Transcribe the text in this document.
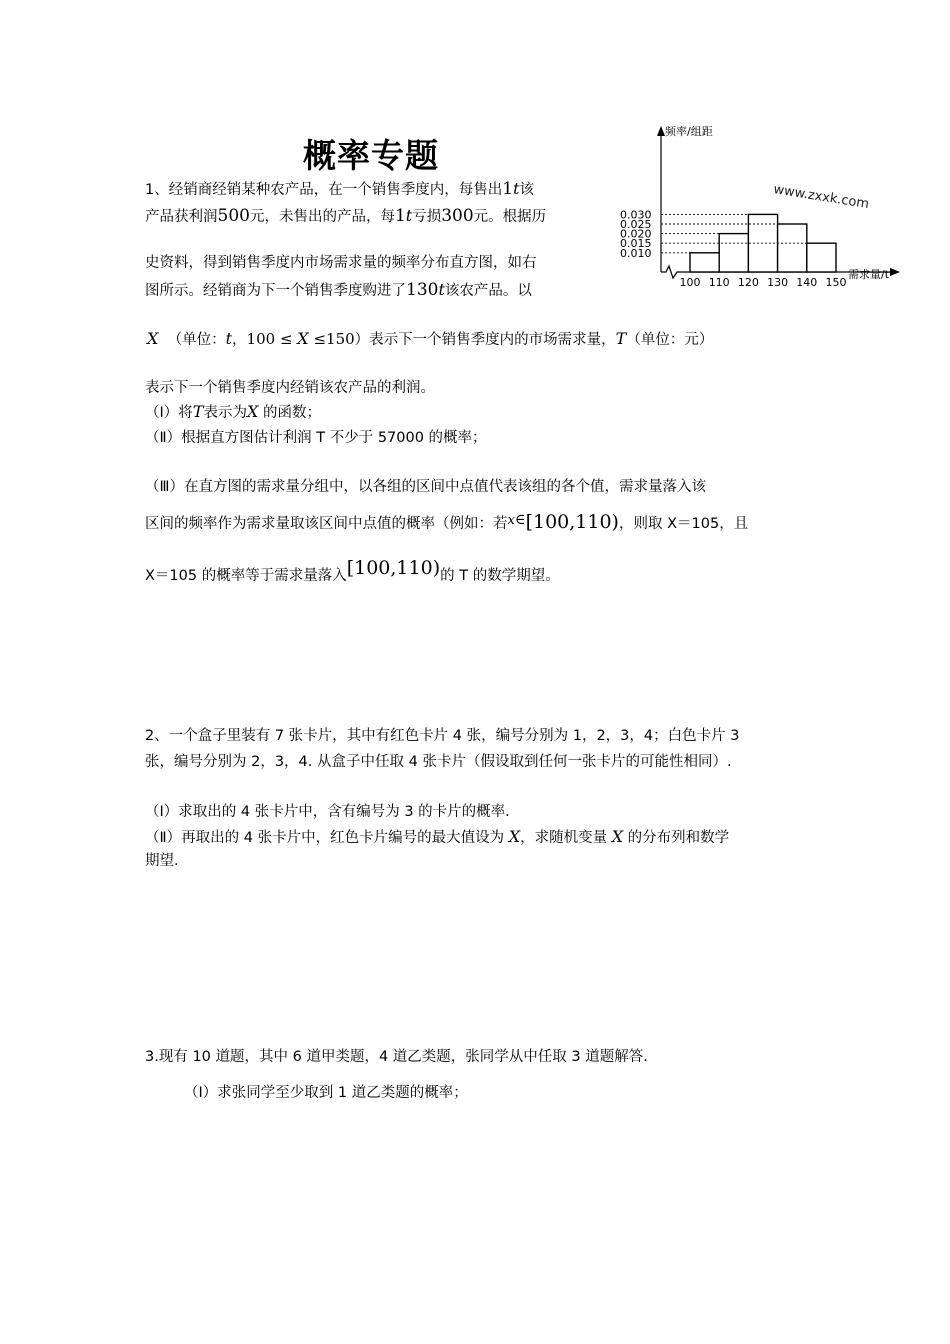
概率专题
频率/组距
0.030
0.025
0.020
0.015
0.010
100 110 120 130 140 150
需求量/t
www.zxxk.com
1、经销商经销某种农产品，在一个销售季度内，每售出1t该
产品获利润500元，未售出的产品，每1t亏损300元。根据历
史资料，得到销售季度内市场需求量的频率分布直方图，如右
图所示。经销商为下一个销售季度购进了130t该农产品。以
X （单位：t，100 ≤ X ≤150）表示下一个销售季度内的市场需求量，T（单位：元）
表示下一个销售季度内经销该农产品的利润。
（Ⅰ）将T表示为X 的函数；
（Ⅱ）根据直方图估计利润 T 不少于 57000 的概率；
（Ⅲ）在直方图的需求量分组中，以各组的区间中点值代表该组的各个值，需求量落入该
区间的频率作为需求量取该区间中点值的概率（例如：若x∈[100,110)，则取 X＝105，且
X＝105 的概率等于需求量落入[100,110)的 T 的数学期望。
2、一个盒子里装有 7 张卡片，其中有红色卡片 4 张，编号分别为 1，2，3，4；白色卡片 3
张，编号分别为 2，3，4. 从盒子中任取 4 张卡片（假设取到任何一张卡片的可能性相同）.
（Ⅰ）求取出的 4 张卡片中，含有编号为 3 的卡片的概率.
（Ⅱ）再取出的 4 张卡片中，红色卡片编号的最大值设为 X，求随机变量 X 的分布列和数学
期望.
3.现有 10 道题，其中 6 道甲类题，4 道乙类题，张同学从中任取 3 道题解答.
（I）求张同学至少取到 1 道乙类题的概率；
